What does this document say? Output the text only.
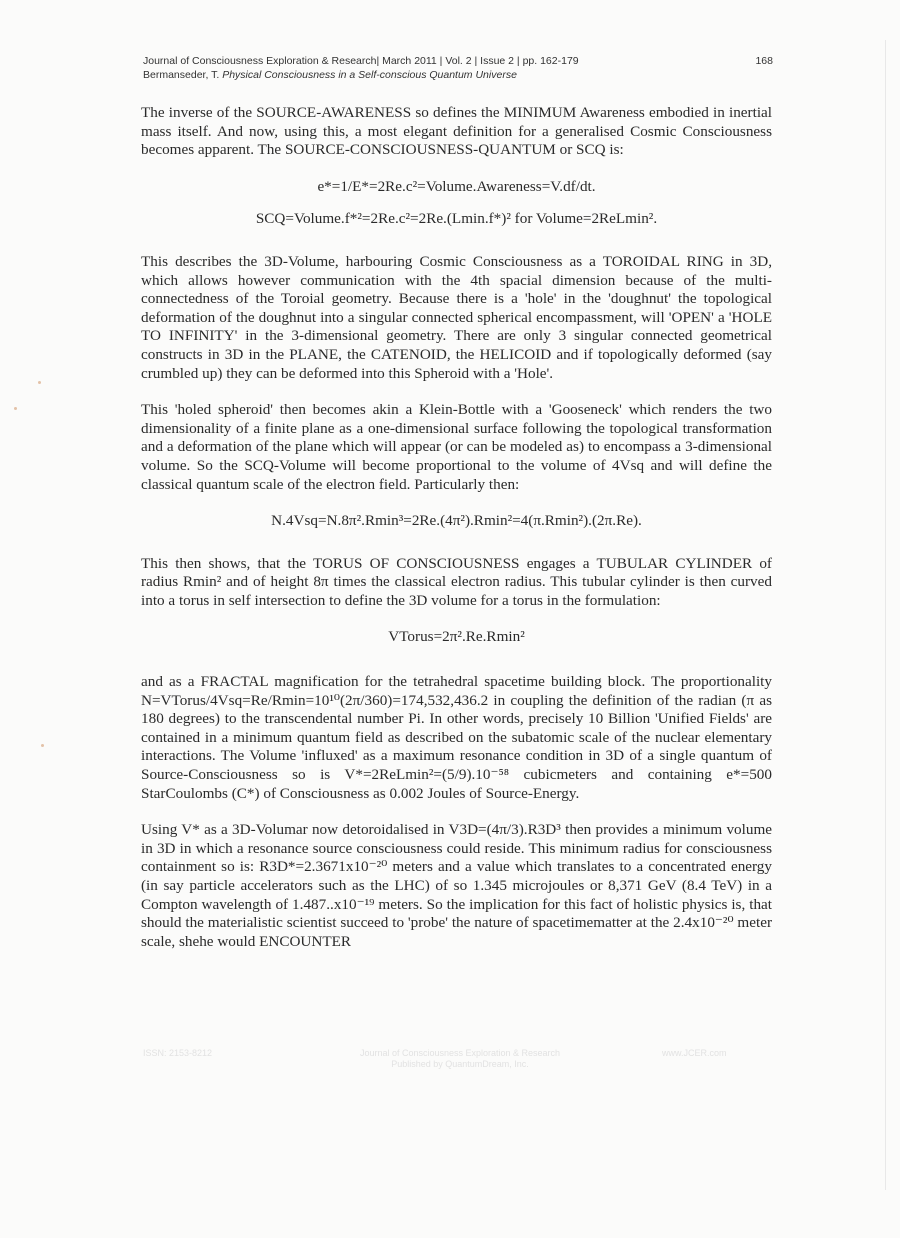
Journal of Consciousness Exploration & Research| March 2011 | Vol. 2 | Issue 2 | pp. 162-179	168
Bermanseder, T. Physical Consciousness in a Self-conscious Quantum Universe

The inverse of the SOURCE-AWARENESS so defines the MINIMUM Awareness embodied in inertial mass itself. And now, using this, a most elegant definition for a generalised Cosmic Consciousness becomes apparent. The SOURCE-CONSCIOUSNESS-QUANTUM or SCQ is:

e*=1/E*=2Re.c²=Volume.Awareness=V.df/dt.
SCQ=Volume.f*²=2Re.c²=2Re.(Lmin.f*)² for Volume=2ReLmin².

This describes the 3D-Volume, harbouring Cosmic Consciousness as a TOROIDAL RING in 3D, which allows however communication with the 4th spacial dimension because of the multi-connectedness of the Toroial geometry. Because there is a 'hole' in the 'doughnut' the topological deformation of the doughnut into a singular connected spherical encompassment, will 'OPEN' a 'HOLE TO INFINITY' in the 3-dimensional geometry. There are only 3 singular connected geometrical constructs in 3D in the PLANE, the CATENOID, the HELICOID and if topologically deformed (say crumbled up) they can be deformed into this Spheroid with a 'Hole'.

This 'holed spheroid' then becomes akin a Klein-Bottle with a 'Gooseneck' which renders the two dimensionality of a finite plane as a one-dimensional surface following the topological transformation and a deformation of the plane which will appear (or can be modeled as) to encompass a 3-dimensional volume. So the SCQ-Volume will become proportional to the volume of 4Vsq and will define the classical quantum scale of the electron field. Particularly then:

N.4Vsq=N.8π².Rmin³=2Re.(4π²).Rmin²=4(π.Rmin²).(2π.Re).

This then shows, that the TORUS OF CONSCIOUSNESS engages a TUBULAR CYLINDER of radius Rmin² and of height 8π times the classical electron radius. This tubular cylinder is then curved into a torus in self intersection to define the 3D volume for a torus in the formulation:

VTorus=2π².Re.Rmin²

and as a FRACTAL magnification for the tetrahedral spacetime building block. The proportionality N=VTorus/4Vsq=Re/Rmin=10¹⁰(2π/360)=174,532,436.2 in coupling the definition of the radian (π as 180 degrees) to the transcendental number Pi. In other words, precisely 10 Billion 'Unified Fields' are contained in a minimum quantum field as described on the subatomic scale of the nuclear elementary interactions. The Volume 'influxed' as a maximum resonance condition in 3D of a single quantum of Source-Consciousness so is V*=2ReLmin²=(5/9).10⁻⁵⁸ cubicmeters and containing e*=500 StarCoulombs (C*) of Consciousness as 0.002 Joules of Source-Energy.

Using V* as a 3D-Volumar now detoroidalised in V3D=(4π/3).R3D³ then provides a minimum volume in 3D in which a resonance source consciousness could reside. This minimum radius for consciousness containment so is: R3D*=2.3671x10⁻²⁰ meters and a value which translates to a concentrated energy (in say particle accelerators such as the LHC) of so 1.345 microjoules or 8,371 GeV (8.4 TeV) in a Compton wavelength of 1.487..x10⁻¹⁹ meters. So the implication for this fact of holistic physics is, that should the materialistic scientist succeed to 'probe' the nature of spacetimematter at the 2.4x10⁻²⁰ meter scale, shehe would ENCOUNTER

ISSN: 2153-8212	Journal of Consciousness Exploration & Research
Published by QuantumDream, Inc.
www.JCER.com
